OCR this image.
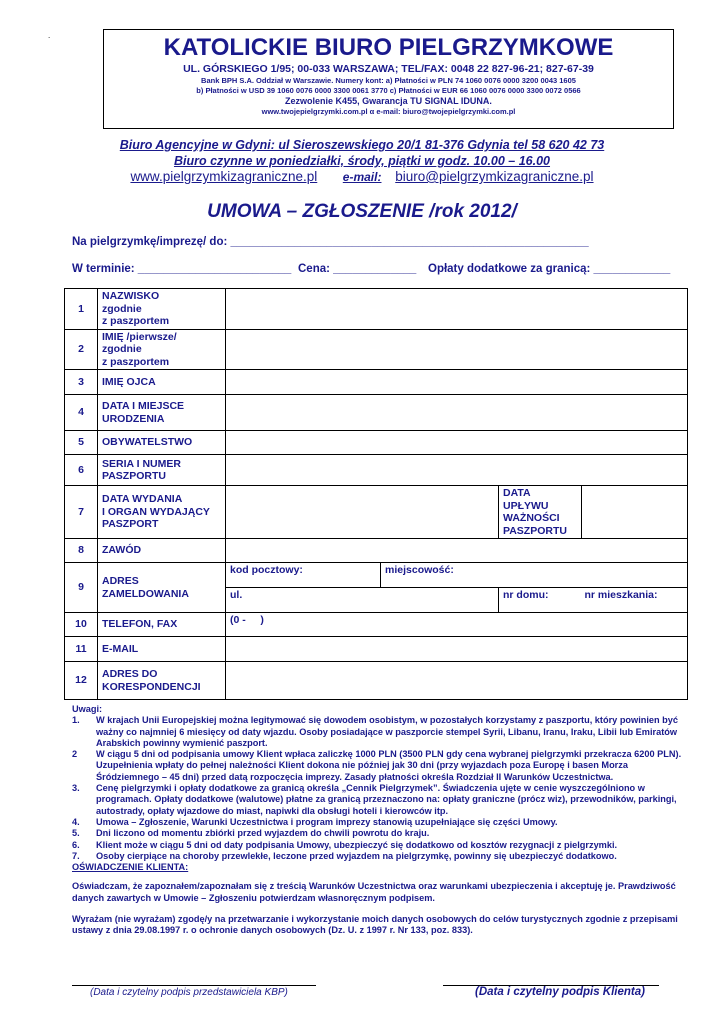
.	KATOLICKIE BIURO PIELGRZYMKOWE
UL. GÓRSKIEGO 1/95; 00-033 WARSZAWA; TEL/FAX: 0048 22 827-96-21; 827-67-39
Bank BPH S.A. Oddział w Warszawie. Numery kont: a) Płatności w PLN 74 1060 0076 0000 3200 0043 1605
b) Płatności w USD 39 1060 0076 0000 3300 0061 3770 c) Płatności w EUR 66 1060 0076 0000 3300 0072 0566
Zezwolenie K455, Gwarancja TU SIGNAL IDUNA.
www.twojepielgrzymki.com.pl α e-mail: biuro@twojepielgrzymki.com.pl
Biuro Agencyjne w Gdyni: ul Sieroszewskiego 20/1 81-376 Gdynia tel 58 620 42 73
Biuro czynne w poniedziałki, środy, piątki w godz. 10.00 – 16.00
www.pielgrzymkizagraniczne.pl e-mail: biuro@pielgrzymkizagraniczne.pl
UMOWA – ZGŁOSZENIE /rok 2012/
Na pielgrzymkę/imprezę/ do: ________________________________________________________
W terminie: ________________________ Cena: _____________ Opłaty dodatkowe za granicą: ____________
1	NAZWISKO
zgodnie
z paszportem				
2	IMIĘ /pierwsze/
zgodnie
z paszportem				
3	IMIĘ OJCA				
4	DATA I MIEJSCE
URODZENIA				
5	OBYWATELSTWO				
6	SERIA I NUMER
PASZPORTU				
7	DATA WYDANIA
I ORGAN WYDAJĄCY
PASZPORT			DATA UPŁYWU
WAŻNOŚCI
PASZPORTU	
8	ZAWÓD				
9	ADRES
ZAMELDOWANIA	kod pocztowy:	miejscowość:		
		ul.		nr domu: nr mieszkania:	
10	TELEFON, FAX	(0 -     )			
11	E-MAIL				
12	ADRES DO
KORESPONDENCJI				
Uwagi:
1.	W krajach Unii Europejskiej można legitymować się dowodem osobistym, w pozostałych korzystamy z paszportu, który powinien być ważny co najmniej 6 miesięcy od daty wjazdu. Osoby posiadające w paszporcie stempel Syrii, Libanu, Iranu, Iraku, Libii lub Emiratów Arabskich powinny wymienić paszport.
2	W ciągu 5 dni od podpisania umowy Klient wpłaca zaliczkę 1000 PLN (3500 PLN gdy cena wybranej pielgrzymki przekracza 6200 PLN). Uzupełnienia wpłaty do pełnej należności Klient dokona nie później jak 30 dni (przy wyjazdach poza Europę i basen Morza Śródziemnego – 45 dni) przed datą rozpoczęcia imprezy. Zasady płatności określa Rozdział II Warunków Uczestnictwa.
3.	Cenę pielgrzymki i opłaty dodatkowe za granicą określa „Cennik Pielgrzymek”. Świadczenia ujęte w cenie wyszczególniono w programach. Opłaty dodatkowe (walutowe) płatne za granicą przeznaczono na: opłaty graniczne (prócz wiz), przewodników, parkingi, autostrady, opłaty wjazdowe do miast, napiwki dla obsługi hoteli i kierowców itp.
4.	Umowa – Zgłoszenie, Warunki Uczestnictwa i program imprezy stanowią uzupełniające się części Umowy.
5.	Dni liczono od momentu zbiórki przed wyjazdem do chwili powrotu do kraju.
6.	Klient może w ciągu 5 dni od daty podpisania Umowy, ubezpieczyć się dodatkowo od kosztów rezygnacji z pielgrzymki.
7.	Osoby cierpiące na choroby przewlekłe, leczone przed wyjazdem na pielgrzymkę, powinny się ubezpieczyć dodatkowo.
OŚWIADCZENIE KLIENTA:
Oświadczam, że zapoznałem/zapoznałam się z treścią Warunków Uczestnictwa oraz warunkami ubezpieczenia i akceptuję je. Prawdziwość danych zawartych w Umowie – Zgłoszeniu potwierdzam własnoręcznym podpisem.
Wyrażam (nie wyrażam) zgodę/y na przetwarzanie i wykorzystanie moich danych osobowych do celów turystycznych zgodnie z przepisami ustawy z dnia 29.08.1997 r. o ochronie danych osobowych (Dz. U. z 1997 r. Nr 133, poz. 833).
(Data i czytelny podpis przedstawiciela KBP)	(Data i czytelny podpis Klienta)
